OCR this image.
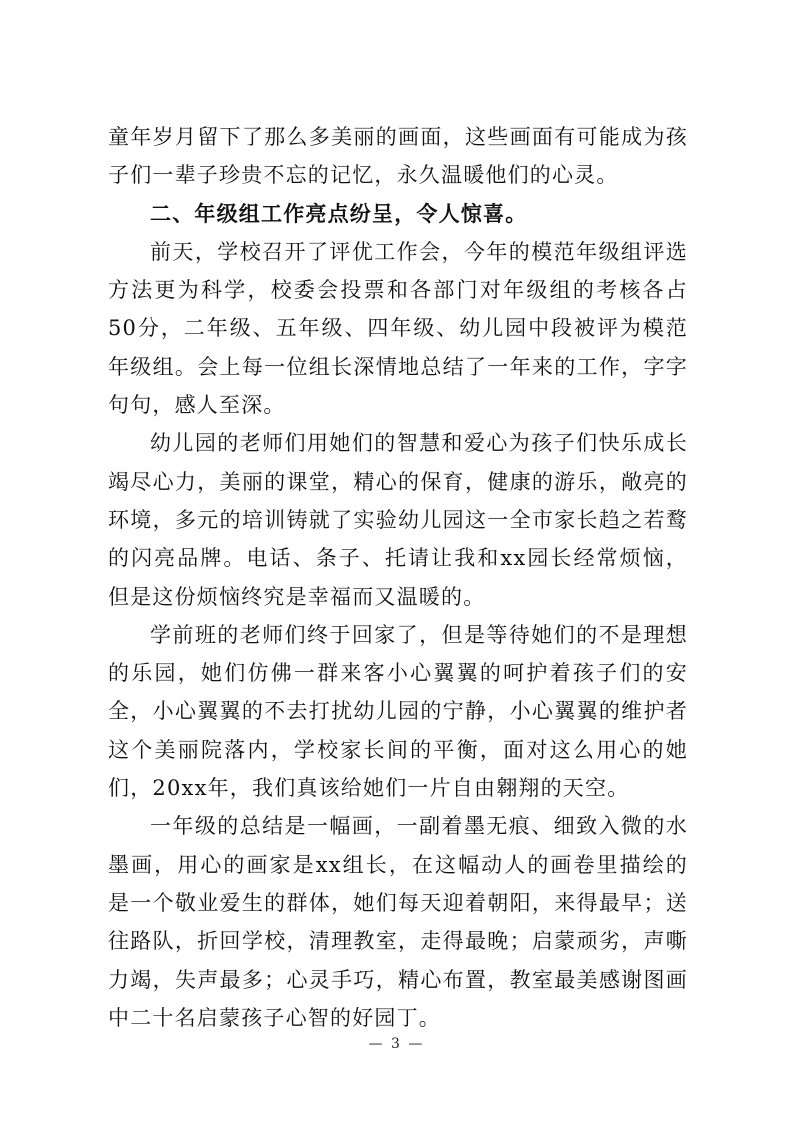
童年岁月留下了那么多美丽的画面，这些画面有可能成为孩子们一辈子珍贵不忘的记忆，永久温暖他们的心灵。

二、年级组工作亮点纷呈，令人惊喜。

前天，学校召开了评优工作会，今年的模范年级组评选方法更为科学，校委会投票和各部门对年级组的考核各占50分，二年级、五年级、四年级、幼儿园中段被评为模范年级组。会上每一位组长深情地总结了一年来的工作，字字句句，感人至深。

幼儿园的老师们用她们的智慧和爱心为孩子们快乐成长竭尽心力，美丽的课堂，精心的保育，健康的游乐，敞亮的环境，多元的培训铸就了实验幼儿园这一全市家长趋之若鹜的闪亮品牌。电话、条子、托请让我和xx园长经常烦恼，但是这份烦恼终究是幸福而又温暖的。

学前班的老师们终于回家了，但是等待她们的不是理想的乐园，她们仿佛一群来客小心翼翼的呵护着孩子们的安全，小心翼翼的不去打扰幼儿园的宁静，小心翼翼的维护者这个美丽院落内，学校家长间的平衡，面对这么用心的她们，20xx年，我们真该给她们一片自由翱翔的天空。

一年级的总结是一幅画，一副着墨无痕、细致入微的水墨画，用心的画家是xx组长，在这幅动人的画卷里描绘的是一个敬业爱生的群体，她们每天迎着朝阳，来得最早；送往路队，折回学校，清理教室，走得最晚；启蒙顽劣，声嘶力竭，失声最多；心灵手巧，精心布置，教室最美感谢图画中二十名启蒙孩子心智的好园丁。

— 3 —
